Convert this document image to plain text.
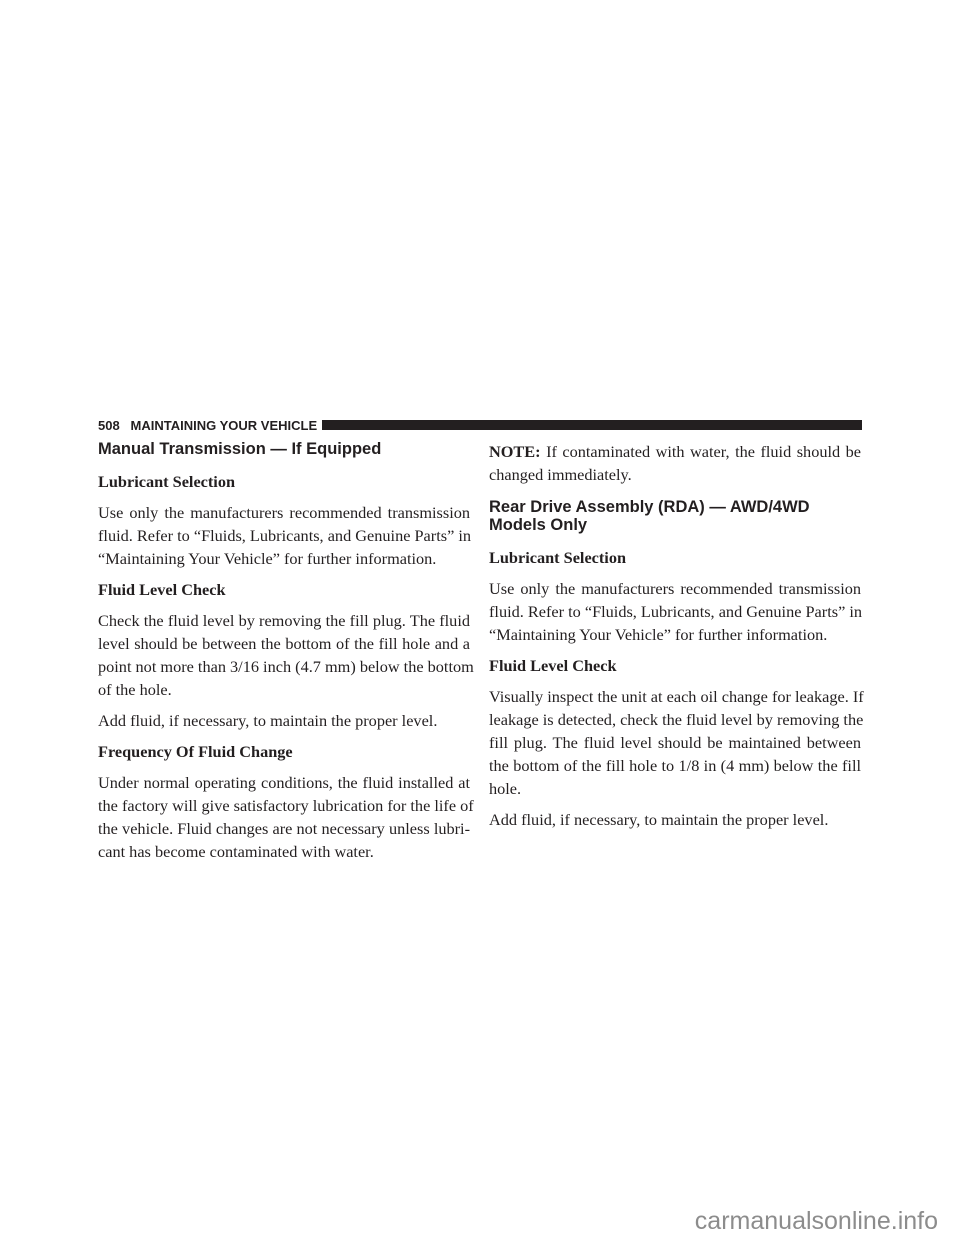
508
MAINTAINING YOUR VEHICLE
Manual Transmission — If Equipped
Lubricant Selection
Use only the manufacturers recommended transmission
fluid. Refer to “Fluids, Lubricants, and Genuine Parts” in
“Maintaining Your Vehicle” for further information.
Fluid Level Check
Check the fluid level by removing the fill plug. The fluid
level should be between the bottom of the fill hole and a
point not more than 3/16 inch (4.7 mm) below the bottom
of the hole.
Add fluid, if necessary, to maintain the proper level.
Frequency Of Fluid Change
Under normal operating conditions, the fluid installed at
the factory will give satisfactory lubrication for the life of
the vehicle. Fluid changes are not necessary unless lubri-
cant has become contaminated with water.
NOTE: If contaminated with water, the fluid should be
changed immediately.
Rear Drive Assembly (RDA) — AWD/4WD Models Only
Lubricant Selection
Use only the manufacturers recommended transmission
fluid. Refer to “Fluids, Lubricants, and Genuine Parts” in
“Maintaining Your Vehicle” for further information.
Fluid Level Check
Visually inspect the unit at each oil change for leakage. If
leakage is detected, check the fluid level by removing the
fill plug. The fluid level should be maintained between
the bottom of the fill hole to 1/8 in (4 mm) below the fill
hole.
Add fluid, if necessary, to maintain the proper level.
carmanualsonline.info
